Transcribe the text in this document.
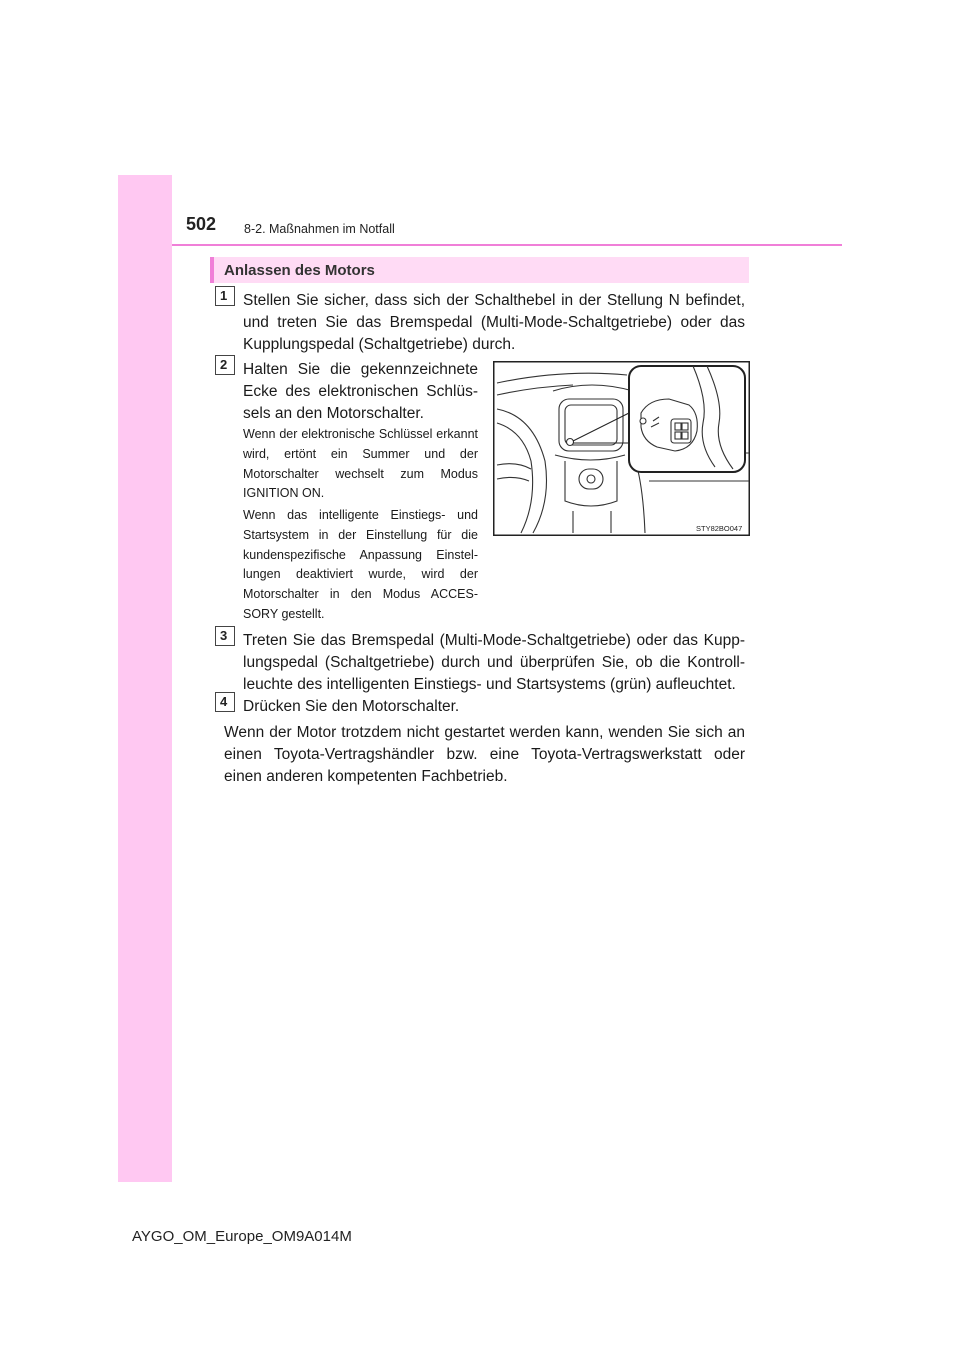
502 8-2. Maßnahmen im Notfall
Anlassen des Motors
1	Stellen Sie sicher, dass sich der Schalthebel in der Stellung N befindet, und treten Sie das Bremspedal (Multi-Mode-Schaltgetriebe) oder das Kupplungspedal (Schaltgetriebe) durch.
2	Halten Sie die gekennzeichnete Ecke des elektronischen Schlüs-sels an den Motorschalter.
Wenn der elektronische Schlüssel erkannt wird, ertönt ein Summer und der Motorschalter wechselt zum Modus IGNITION ON.
Wenn das intelligente Einstiegs- und Startsystem in der Einstellung für die kundenspezifische Anpassung Einstel-lungen deaktiviert wurde, wird der Motorschalter in den Modus ACCES-SORY gestellt.
STY82BO047
3	Treten Sie das Bremspedal (Multi-Mode-Schaltgetriebe) oder das Kupp-lungspedal (Schaltgetriebe) durch und überprüfen Sie, ob die Kontroll-leuchte des intelligenten Einstiegs- und Startsystems (grün) aufleuchtet.
4	Drücken Sie den Motorschalter.
Wenn der Motor trotzdem nicht gestartet werden kann, wenden Sie sich an einen Toyota-Vertragshändler bzw. eine Toyota-Vertragswerkstatt oder einen anderen kompetenten Fachbetrieb.
AYGO_OM_Europe_OM9A014M
